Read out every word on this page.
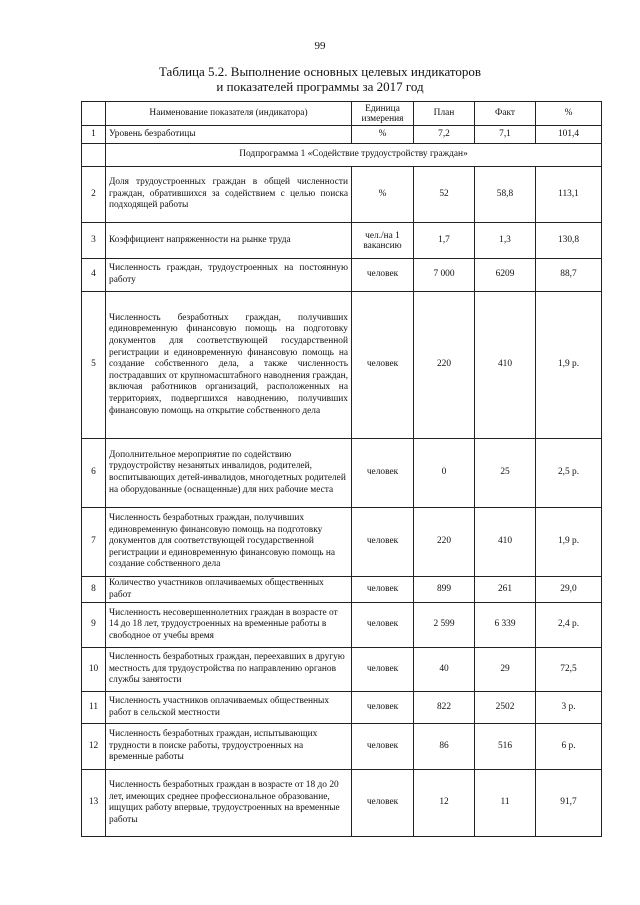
99
Таблица 5.2. Выполнение основных целевых индикаторов
и показателей программы за 2017 год
	Наименование показателя (индикатора)	Единица измерения	План	Факт	%
1	Уровень безработицы	%	7,2	7,1	101,4
	Подпрограмма 1 «Содействие трудоустройству граждан»				
2	Доля трудоустроенных граждан в общей численности граждан, обратившихся за содействием с целью поиска подходящей работы	%	52	58,8	113,1
3	Коэффициент напряженности на рынке труда	чел./на 1 вакансию	1,7	1,3	130,8
4	Численность граждан, трудоустроенных на постоянную работу	человек	7 000	6209	88,7
5	Численность безработных граждан, получивших единовременную финансовую помощь на подготовку документов для соответствующей государственной регистрации и единовременную финансовую помощь на создание собственного дела, а также численность пострадавших от крупномасштабного наводнения граждан, включая работников организаций, расположенных на территориях, подвергшихся наводнению, получивших финансовую помощь на открытие собственного дела	человек	220	410	1,9 р.
6	Дополнительное мероприятие по содействию трудоустройству незанятых инвалидов, родителей, воспитывающих детей-инвалидов, многодетных родителей на оборудованные (оснащенные) для них рабочие места	человек	0	25	2,5 р.
7	Численность безработных граждан, получивших единовременную финансовую помощь на подготовку документов для соответствующей государственной регистрации и единовременную финансовую помощь на создание собственного дела	человек	220	410	1,9 р.
8	Количество участников оплачиваемых общественных работ	человек	899	261	29,0
9	Численность несовершеннолетних граждан в возрасте от 14 до 18 лет, трудоустроенных на временные работы в свободное от учебы время	человек	2 599	6 339	2,4 р.
10	Численность безработных граждан, переехавших в другую местность для трудоустройства по направлению органов службы занятости	человек	40	29	72,5
11	Численность участников оплачиваемых общественных работ в сельской местности	человек	822	2502	3 р.
12	Численность безработных граждан, испытывающих трудности в поиске работы, трудоустроенных на временные работы	человек	86	516	6 р.
13	Численность безработных граждан в возрасте от 18 до 20 лет, имеющих среднее профессиональное образование, ищущих работу впервые, трудоустроенных на временные работы	человек	12	11	91,7
